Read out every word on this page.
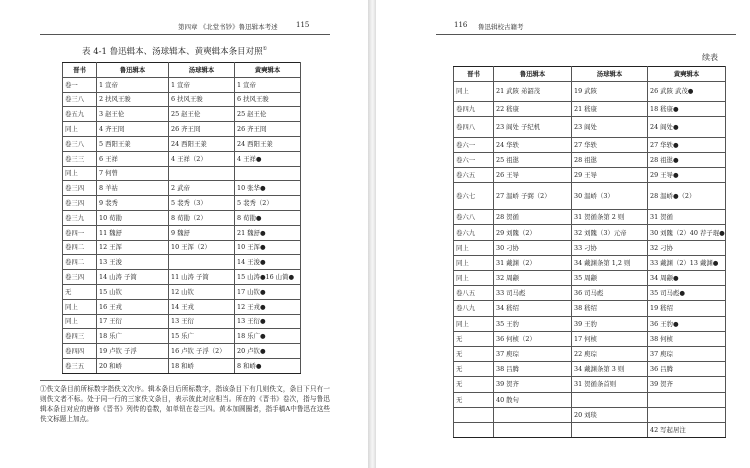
第四章 《北堂书钞》鲁迅辑本考述	115
表 4-1 鲁迅辑本、汤球辑本、黄奭辑本条目对照①
晋书	鲁迅辑本	汤球辑本	黄奭辑本
卷一	1 宣帝	1 宣帝	1 宣帝
卷三八	2 扶风王骏	6 扶风王骏	6 扶风王骏
卷五九	3 赵王伦	25 赵王伦	25 赵王伦
同上	4 齐王冏	26 齐王冏	26 齐王冏
卷三八	5 西阳王羕	24 西阳王羕	24 西阳王羕
卷三三	6 王祥	4 王祥（2）	4 王祥●
同上	7 何曾		
卷三四	8 羊祜	2 武帝	10 张华●
卷三四	9 裴秀	5 裴秀（3）	5 裴秀（2）
卷三九	10 荀勖	8 荀勖（2）	8 荀勖●
卷四一	11 魏舒	9 魏舒	21 魏舒●
卷四二	12 王浑	10 王浑（2）	10 王浑●
卷四二	13 王浚		14 王浚●
卷三四	14 山涛 子简	11 山涛 子简	15 山涛●16 山简●
无	15 山钦	12 山钦	17 山钦●
同上	16 王戎	14 王戎	12 王戎●
同上	17 王衍	13 王衍	13 王衍●
卷四三	18 乐广	15 乐广	18 乐广●
卷四四	19 卢钦 子浮	16 卢钦 子浮（2）	20 卢钦●
卷三五	20 和峤	18 和峤	8 和峤●
①佚文条目前所标数字指佚文次序。辑本条目后所标数字，指该条目下有几则佚文，条目下只有一则佚文者不标。处于同一行的三家佚文条目，表示彼此对应相当。所在的《晋书》卷次，指与鲁迅辑本条目对应的唐修《晋书》列传的卷数，如单钮在卷三四。黄本加圆圈者，指手稿A中鲁迅在这些佚文标题上加点。
116 鲁迅辑校古籍考
续表
晋书	鲁迅辑本	汤球辑本	黄奭辑本
同上	21 武陔 弟韶茂	19 武陔	26 武陔 武茂●
卷四九	22 嵇康	21 嵇康	18 嵇康●
卷四八	23 阎处 子纪机	23 阎处	24 阎处●
卷六一	24 华轶	27 华轶	27 华轶●
卷六一	25 祖逖	28 祖逖	28 祖逖●
卷六五	26 王导	29 王导	29 王导●
卷六七	27 温峤 子弼（2）	30 温峤（3）	28 温峤●（2）
卷六八	28 贺循	31 贺循条第 2 则	31 贺循
卷六九	29 刘隗（2）	32 刘隗（3）元帝	30 刘隗（2）40 荐子琨●
同上	30 刁协	33 刁协	32 刁协
同上	31 戴渊（2）	34 戴渊条第 1,2 则	33 戴渊（2）13 戴渊●
同上	32 周颛	35 周颛	34 周颛●
卷八五	33 司马彪	36 司马彪	35 司马彪●
卷八九	34 嵇绍	38 嵇绍	19 嵇绍
同上	35 王豹	39 王豹	36 王豹●
无	36 何桢（2）	17 何桢	38 何桢
无	37 庾琮	22 庾琮	37 庾琮
无	38 吕腾	34 戴渊条第 3 则	36 吕腾
无	39 贺齐	31 贺循条首则	39 贺齐
无	40 散句		
		20 刘琰	
			42 写起居注
